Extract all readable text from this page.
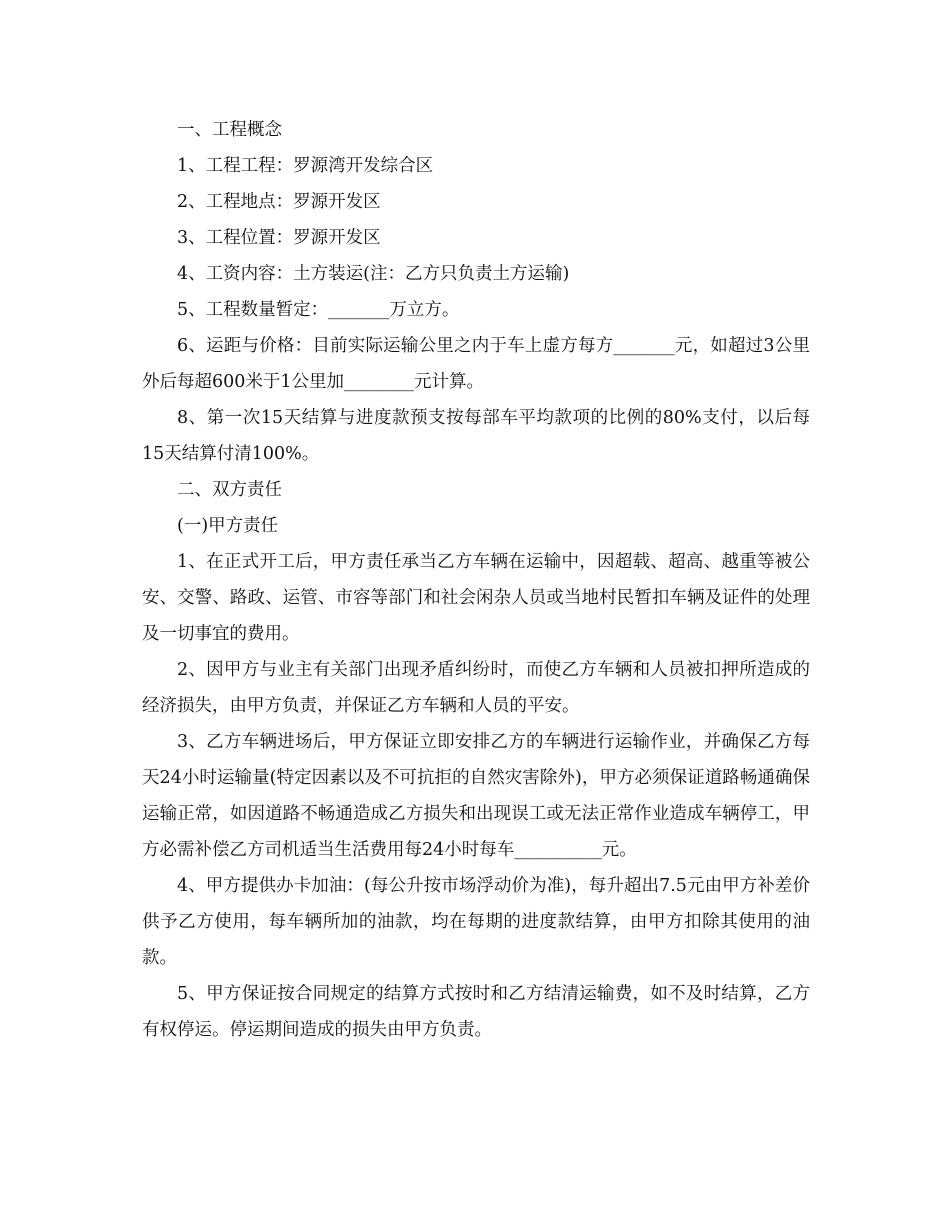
一、工程概念

1、工程工程：罗源湾开发综合区

2、工程地点：罗源开发区

3、工程位置：罗源开发区

4、工资内容：土方装运(注：乙方只负责土方运输)

5、工程数量暂定：_______万立方。

6、运距与价格：目前实际运输公里之内于车上虚方每方_______元，如超过3公里外后每超600米于1公里加________元计算。

8、第一次15天结算与进度款预支按每部车平均款项的比例的80%支付，以后每15天结算付清100%。

二、双方责任

(一)甲方责任

1、在正式开工后，甲方责任承当乙方车辆在运输中，因超载、超高、越重等被公安、交警、路政、运管、市容等部门和社会闲杂人员或当地村民暂扣车辆及证件的处理及一切事宜的费用。

2、因甲方与业主有关部门出现矛盾纠纷时，而使乙方车辆和人员被扣押所造成的经济损失，由甲方负责，并保证乙方车辆和人员的平安。

3、乙方车辆进场后，甲方保证立即安排乙方的车辆进行运输作业，并确保乙方每天24小时运输量(特定因素以及不可抗拒的自然灾害除外)，甲方必须保证道路畅通确保运输正常，如因道路不畅通造成乙方损失和出现误工或无法正常作业造成车辆停工，甲方必需补偿乙方司机适当生活费用每24小时每车__________元。

4、甲方提供办卡加油：(每公升按市场浮动价为准)，每升超出7.5元由甲方补差价供予乙方使用，每车辆所加的油款，均在每期的进度款结算，由甲方扣除其使用的油款。

5、甲方保证按合同规定的结算方式按时和乙方结清运输费，如不及时结算，乙方有权停运。停运期间造成的损失由甲方负责。
